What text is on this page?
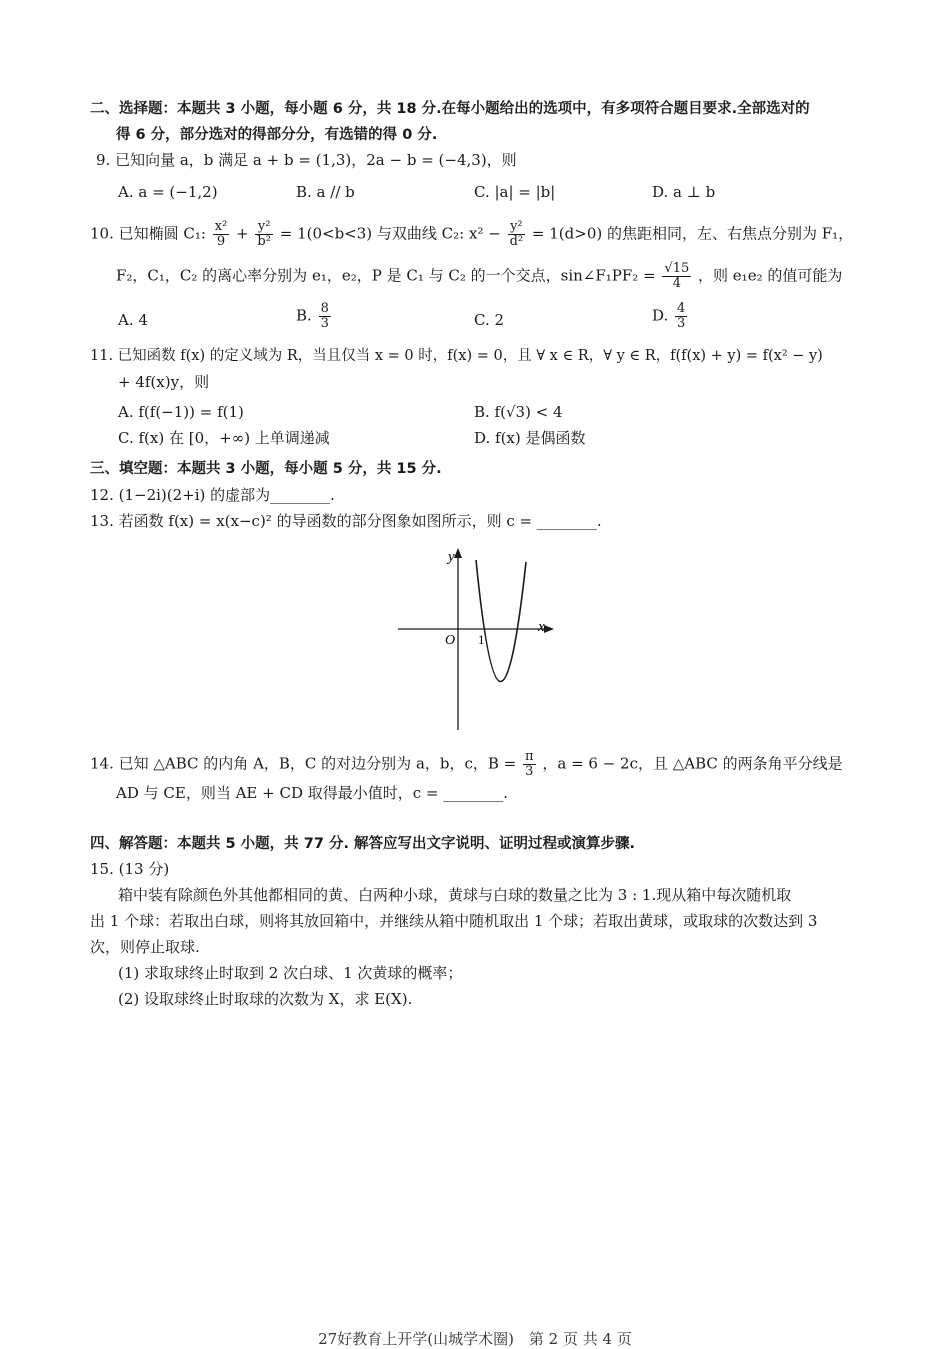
二、选择题：本题共 3 小题，每小题 6 分，共 18 分.在每小题给出的选项中，有多项符合题目要求.全部选对的
得 6 分，部分选对的得部分分，有选错的得 0 分.
9. 已知向量 a，b 满足 a + b = (1,3)，2a − b = (−4,3)，则
A. a = (−1,2)	B. a // b	C. |a| = |b|	D. a ⊥ b
10. 已知椭圆 C₁: $\frac{\text{x²}}{9} + \frac{\text{y²}}{\text{b²}} = 1(0<b<3)$ 与双曲线 C₂: $x^2 - \frac{\text{y²}}{\text{d²}} = 1(d>0)$ 的焦距相同，左、右焦点分别为 F₁，
F₂，C₁，C₂ 的离心率分别为 e₁，e₂，P 是 C₁ 与 C₂ 的一个交点，sin∠F₁PF₂ = $\frac{√15}{4}$ ，则 e₁e₂ 的值可能为
A. 4	B. $\frac{8}{3}$	C. 2	D. $\frac{4}{3}$
11. 已知函数 f(x) 的定义域为 R，当且仅当 x = 0 时，f(x) = 0，且 ∀ x ∈ R，∀ y ∈ R，f(f(x) + y) = f(x² − y)
+ 4f(x)y，则
A. f(f(−1)) = f(1)	B. f(√3) < 4
C. f(x) 在 [0，+∞) 上单调递减	D. f(x) 是偶函数
三、填空题：本题共 3 小题，每小题 5 分，共 15 分.
12. (1−2i)(2+i) 的虚部为________.
13. 若函数 f(x) = x(x−c)² 的导函数的部分图象如图所示，则 c = ________.
y
x
O 1
14. 已知 △ABC 的内角 A，B，C 的对边分别为 a，b，c，$B = \frac{\pi}{3}$ ，a = 6 − 2c，且 △ABC 的两条角平分线是
AD 与 CE，则当 AE + CD 取得最小值时，c = ________.
四、解答题：本题共 5 小题，共 77 分. 解答应写出文字说明、证明过程或演算步骤.
15. (13 分)
箱中装有除颜色外其他都相同的黄、白两种小球，黄球与白球的数量之比为 3 : 1.现从箱中每次随机取
出 1 个球：若取出白球，则将其放回箱中，并继续从箱中随机取出 1 个球；若取出黄球，或取球的次数达到 3
次，则停止取球.
(1) 求取球终止时取到 2 次白球、1 次黄球的概率；
(2) 设取球终止时取球的次数为 X，求 E(X).
27好教育上开学(山城学术圈)　第 2 页 共 4 页
